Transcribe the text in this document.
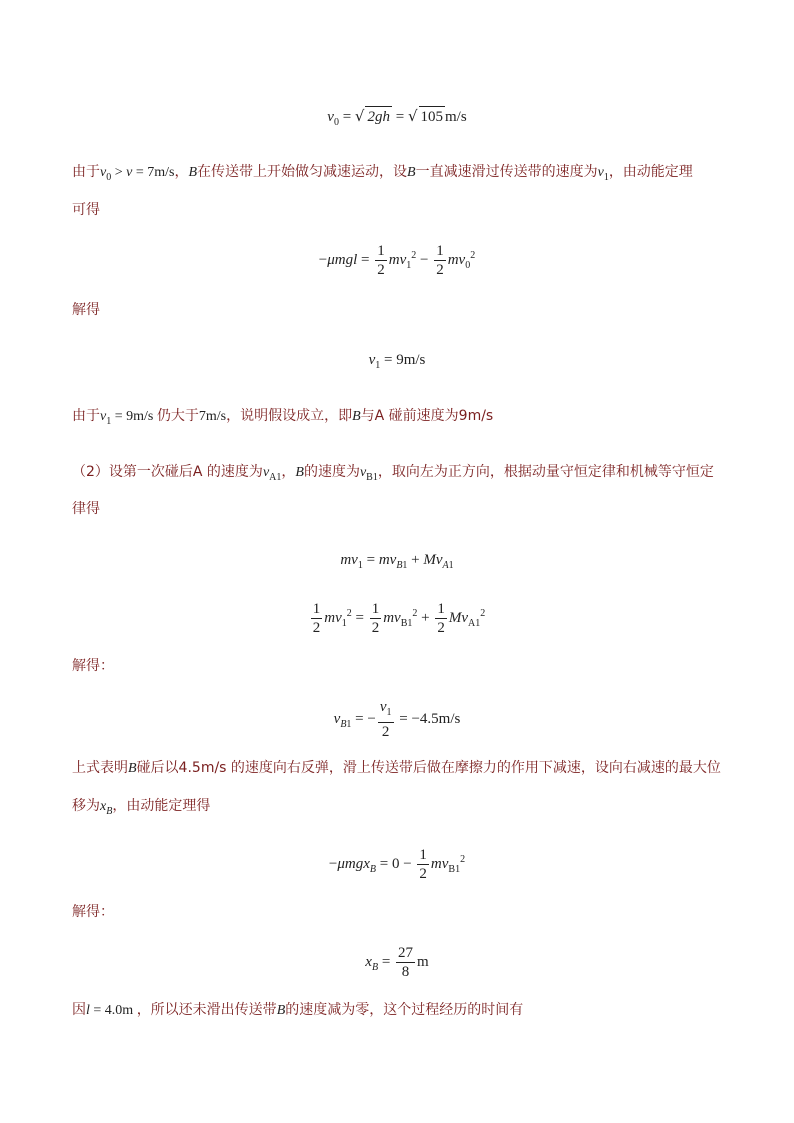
$v_0$ = √ 2gh = √ 105 m/s
由于$v_0 > v = 7m/s$，B在传送带上开始做匀减速运动，设B一直减速滑过传送带的速度为$v_1$，由动能定理
可得
$-\mu mgl = \frac{1}{2} mv_1^2 - \frac{1}{2} mv_0^2$
解得
$v_1 = 9m/s$
由于$v_1 = 9m/s$ 仍大于7m/s，说明假设成立，即B与A 碰前速度为9m/s
（2）设第一次碰后A 的速度为$v_{A1}$，B的速度为$v_{B1}$，取向左为正方向，根据动量守恒定律和机械等守恒定
律得
$mv_1 = mv_{B1} + Mv_{A1}$
$\frac{1}{2} mv_1^2 = \frac{1}{2} mv_{B1}^2 + \frac{1}{2} Mv_{A1}^2$
解得：
$v_{B1}$ = − $\frac{v_1}{2} = -4.5m/s$
上式表明B碰后以4.5m/s 的速度向右反弹，滑上传送带后做在摩擦力的作用下减速，设向右减速的最大位
移为$x_B$，由动能定理得
$-\mu mgx_B = 0 - \frac{1}{2} mv_{B1}^2$
解得：
$x_B = \frac{27}{8}$ m
因l = 4.0m ，所以还未滑出传送带B的速度减为零，这个过程经历的时间有
